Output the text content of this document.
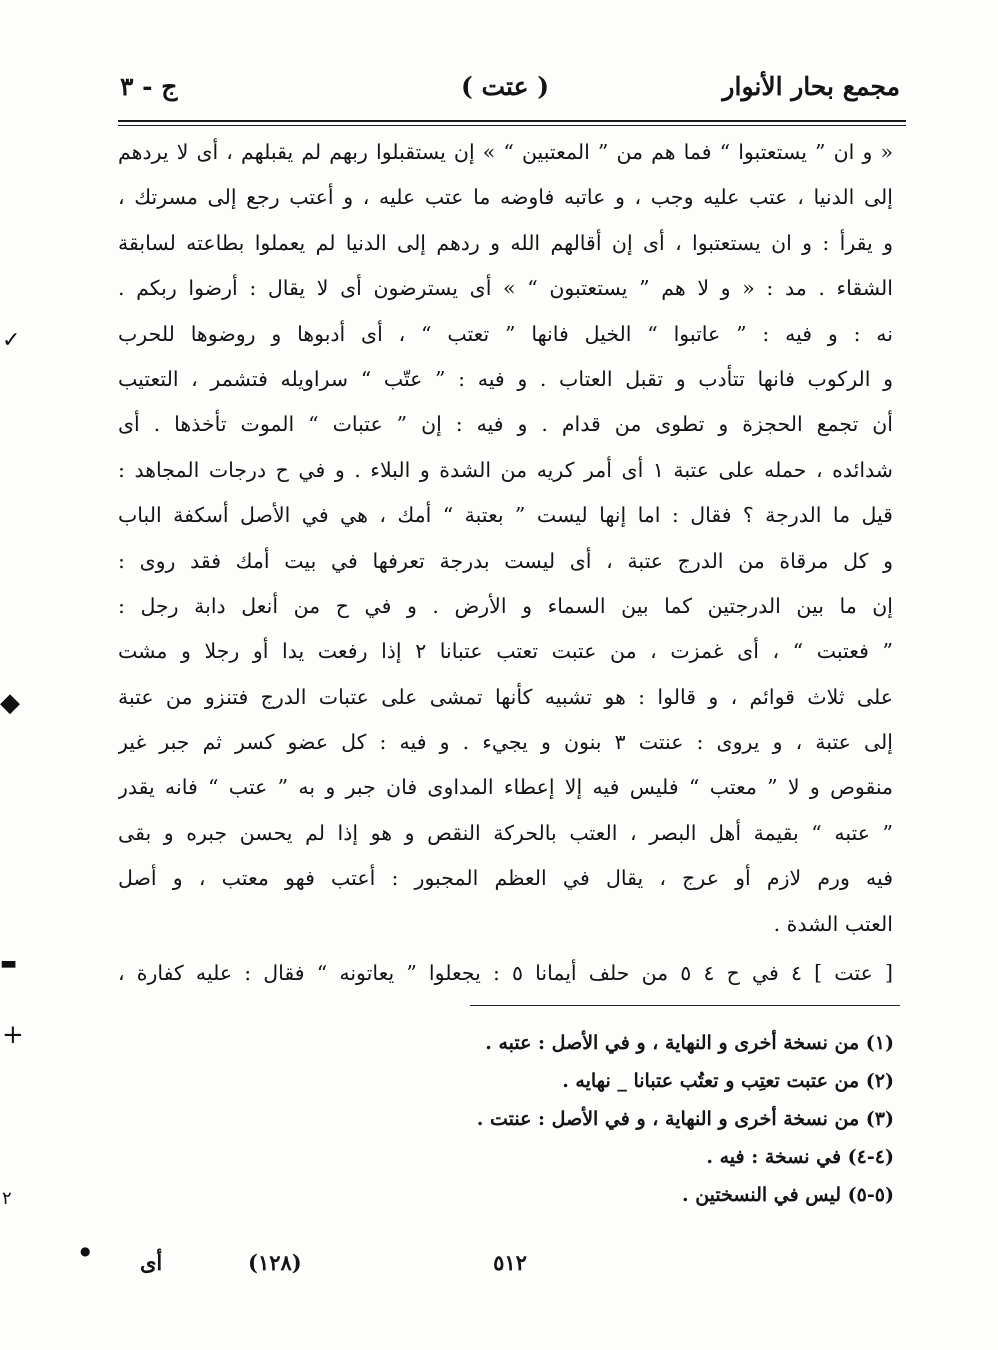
مجمع بحار الأنوار
( عتت )
ج - ٣
« و ان ” يستعتبوا “ فما هم من ” المعتبين “ » إن يستقبلوا ربهم لم يقبلهم ، أى لا يردهم
إلى الدنيا ، عتب عليه وجب ، و عاتبه فاوضه ما عتب عليه ، و أعتب رجع إلى مسرتك ،
و يقرأ : و ان يستعتبوا ، أى إن أقالهم الله و ردهم إلى الدنيا لم يعملوا بطاعته لسابقة
الشقاء . مد : « و لا هم ” يستعتبون “ » أى يسترضون أى لا يقال : أرضوا ربكم .
نه : و فيه : ” عاتبوا “ الخيل فانها ” تعتب “ ، أى أدبوها و روضوها للحرب
و الركوب فانها تتأدب و تقبل العتاب . و فيه : ” عتّب “ سراويله فتشمر ، التعتيب
أن تجمع الحجزة و تطوى من قدام . و فيه : إن ” عتبات “ الموت تأخذها . أى
شدائده ، حمله على عتبة ١ أى أمر كريه من الشدة و البلاء . و في ح درجات المجاهد :
قيل ما الدرجة ؟ فقال : اما إنها ليست ” بعتبة “ أمك ، هي في الأصل أسكفة الباب
و كل مرقاة من الدرج عتبة ، أى ليست بدرجة تعرفها في بيت أمك فقد روى :
إن ما بين الدرجتين كما بين السماء و الأرض . و في ح من أنعل دابة رجل :
” فعتبت “ ، أى غمزت ، من عتبت تعتب عتبانا ٢ إذا رفعت يدا أو رجلا و مشت
على ثلاث قوائم ، و قالوا : هو تشبيه كأنها تمشى على عتبات الدرج فتنزو من عتبة
إلى عتبة ، و يروى : عنتت ٣ بنون و يجيء . و فيه : كل عضو كسر ثم جبر غير
منقوص و لا ” معتب “ فليس فيه إلا إعطاء المداوى فان جبر و به ” عتب “ فانه يقدر
” عتبه “ بقيمة أهل البصر ، العتب بالحركة النقص و هو إذا لم يحسن جبره و بقى
فيه ورم لازم أو عرج ، يقال في العظم المجبور : أعتب فهو معتب ، و أصل
العتب الشدة .
[ عتت ] ٤ في ح ٤ ٥ من حلف أيمانا ٥ : يجعلوا ” يعاتونه “ فقال : عليه كفارة ،
(١) من نسخة أخرى و النهاية ، و في الأصل : عتبه .
(٢) من عتبت تعتِب و تعتُب عتبانا _ نهايه .
(٣) من نسخة أخرى و النهاية ، و في الأصل : عنتت .
(٤-٤) في نسخة : فيه .
(٥-٥) ليس في النسختين .
٥١٢
(١٢٨)
أى
✓
◆
▬
+
٢
●
